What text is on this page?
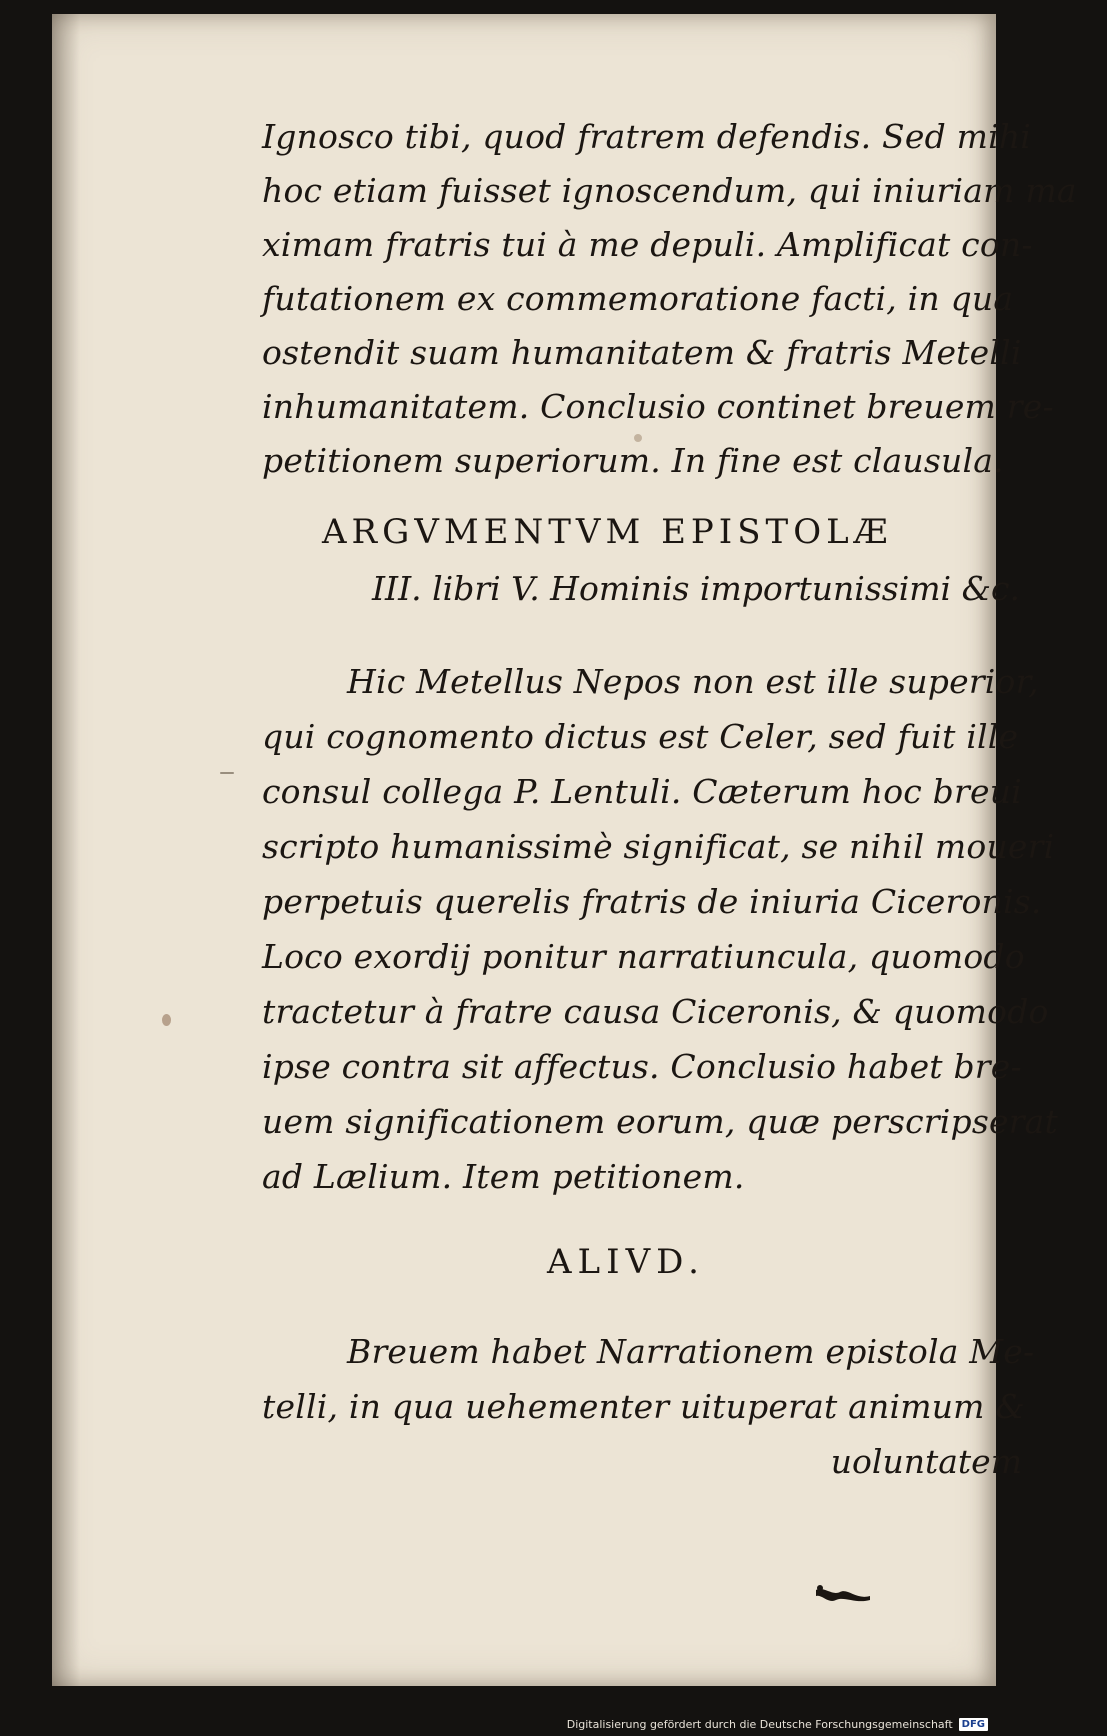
Ignosco tibi, quod fratrem defendis. Sed mihi
hoc etiam fuisset ignoscendum, qui iniuriam ma
ximam fratris tui à me depuli. Amplificat con-
futationem ex commemoratione facti, in qua
ostendit suam humanitatem & fratris Metelli
inhumanitatem. Conclusio continet breuem re-
petitionem superiorum. In fine est clausula.
ARGVMENTVM EPISTOLÆ
III. libri V. Hominis importunissimi &c.
Hic Metellus Nepos non est ille superior,
qui cognomento dictus est Celer, sed fuit ille
consul collega P. Lentuli. Cæterum hoc breui
scripto humanissimè significat, se nihil moueri
perpetuis querelis fratris de iniuria Ciceronis.
Loco exordij ponitur narratiuncula, quomodo
tractetur à fratre causa Ciceronis, & quomodo
ipse contra sit affectus. Conclusio habet bre-
uem significationem eorum, quæ perscripserat
ad Lælium. Item petitionem.
ALIVD.
Breuem habet Narrationem epistola Me-
telli, in qua uehementer uituperat animum &
uoluntatem
Digitalisierung gefördert durch die Deutsche Forschungsgemeinschaft DFG
